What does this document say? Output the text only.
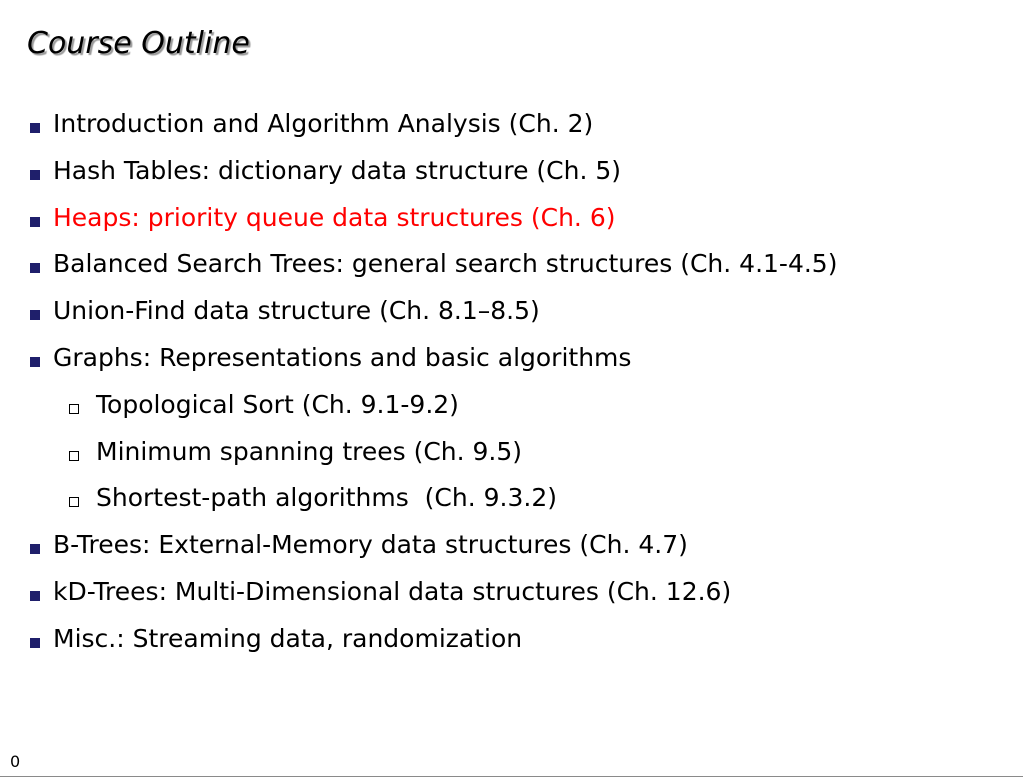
Course Outline
Introduction and Algorithm Analysis (Ch. 2)
Hash Tables: dictionary data structure (Ch. 5)
Heaps: priority queue data structures (Ch. 6)
Balanced Search Trees: general search structures (Ch. 4.1-4.5)
Union-Find data structure (Ch. 8.1–8.5)
Graphs: Representations and basic algorithms
Topological Sort (Ch. 9.1-9.2)
Minimum spanning trees (Ch. 9.5)
Shortest-path algorithms  (Ch. 9.3.2)
B-Trees: External-Memory data structures (Ch. 4.7)
kD-Trees: Multi-Dimensional data structures (Ch. 12.6)
Misc.: Streaming data, randomization
0
